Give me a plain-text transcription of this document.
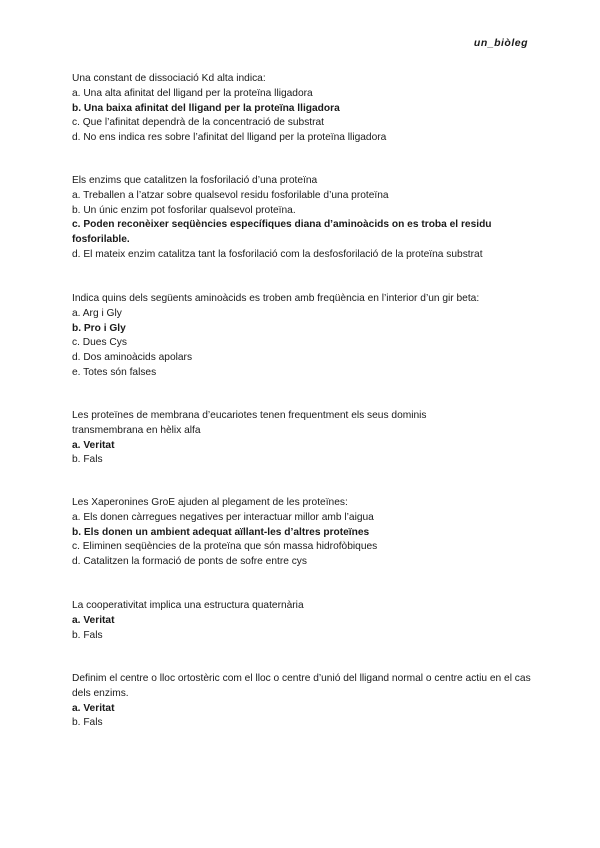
un_biòleg

Una constant de dissociació Kd alta indica:

a. Una alta afinitat del lligand per la proteïna lligadora

b. Una baixa afinitat del lligand per la proteïna lligadora

c. Que l’afinitat dependrà de la concentració de substrat

d. No ens indica res sobre l’afinitat del lligand per la proteïna lligadora

Els enzims que catalitzen la fosforilació d’una proteïna

a. Treballen a l’atzar sobre qualsevol residu fosforilable d’una proteïna

b. Un únic enzim pot fosforilar qualsevol proteïna.

c. Poden reconèixer seqüències específiques diana d’aminoàcids on es troba el residu fosforilable.

d. El mateix enzim catalitza tant la fosforilació com la desfosforilació de la proteïna substrat

Indica quins dels següents aminoàcids es troben amb freqüència en l’interior d’un gir beta:

a. Arg i Gly

b. Pro i Gly

c. Dues Cys

d. Dos aminoàcids apolars

e. Totes són falses

Les proteïnes de membrana d’eucariotes tenen frequentment els seus dominis transmembrana en hèlix alfa

a. Veritat

b. Fals

Les Xaperonines GroE ajuden al plegament de les proteïnes:

a. Els donen càrregues negatives per interactuar millor amb l’aigua

b. Els donen un ambient adequat aïllant-les d’altres proteïnes

c. Eliminen seqüències de la proteïna que són massa hidrofòbiques

d. Catalitzen la formació de ponts de sofre entre cys

La cooperativitat implica una estructura quaternària

a. Veritat

b. Fals

Definim el centre o lloc ortostèric com el lloc o centre d’unió del lligand normal o centre actiu en el cas dels enzims.

a. Veritat

b. Fals
